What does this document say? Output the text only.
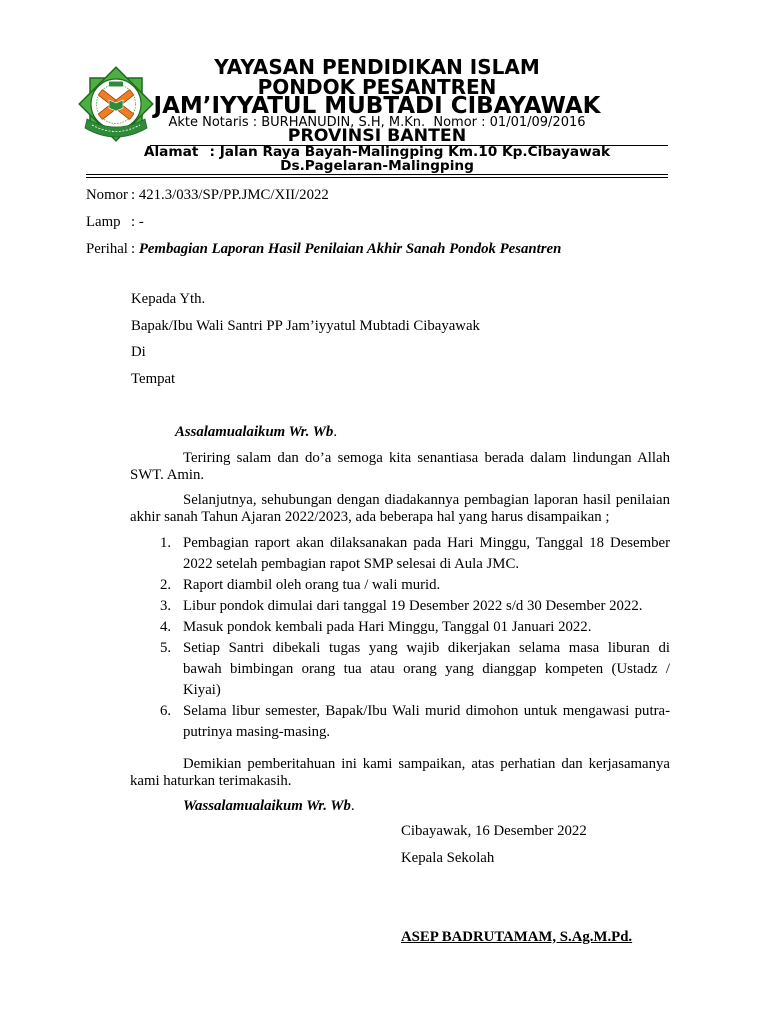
YAYASAN PENDIDIKAN ISLAM
PONDOK PESANTREN
JAM’IYYATUL MUBTADI CIBAYAWAK
Akte Notaris : BURHANUDIN, S.H, M.Kn.  Nomor : 01/01/09/2016
PROVINSI BANTEN
Alamat : Jalan Raya Bayah-Malingping Km.10 Kp.Cibayawak
Ds.Pagelaran-Malingping
Nomor : 421.3/033/SP/PP.JMC/XII/2022
Lamp : -
Perihal : Pembagian Laporan Hasil Penilaian Akhir Sanah Pondok Pesantren
Kepada Yth.
Bapak/Ibu Wali Santri PP Jam’iyyatul Mubtadi Cibayawak
Di
Tempat
Assalamualaikum Wr. Wb.
Teriring salam dan do’a semoga kita senantiasa berada dalam lindungan Allah
SWT. Amin.
Selanjutnya, sehubungan dengan diadakannya pembagian laporan hasil penilaian
akhir sanah Tahun Ajaran 2022/2023, ada beberapa hal yang harus disampaikan ;
1. Pembagian raport akan dilaksanakan pada Hari Minggu, Tanggal 18 Desember
2022 setelah pembagian rapot SMP selesai di Aula JMC.
2. Raport diambil oleh orang tua / wali murid.
3. Libur pondok dimulai dari tanggal 19 Desember 2022 s/d 30 Desember 2022.
4. Masuk pondok kembali pada Hari Minggu, Tanggal 01 Januari 2022.
5. Setiap Santri dibekali tugas yang wajib dikerjakan selama masa liburan di
bawah bimbingan orang tua atau orang yang dianggap kompeten (Ustadz /
Kiyai)
6. Selama libur semester, Bapak/Ibu Wali murid dimohon untuk mengawasi putra-
putrinya masing-masing.
Demikian pemberitahuan ini kami sampaikan, atas perhatian dan kerjasamanya
kami haturkan terimakasih.
Wassalamualaikum Wr. Wb.
Cibayawak, 16 Desember 2022
Kepala Sekolah
ASEP BADRUTAMAM, S.Ag.M.Pd.
